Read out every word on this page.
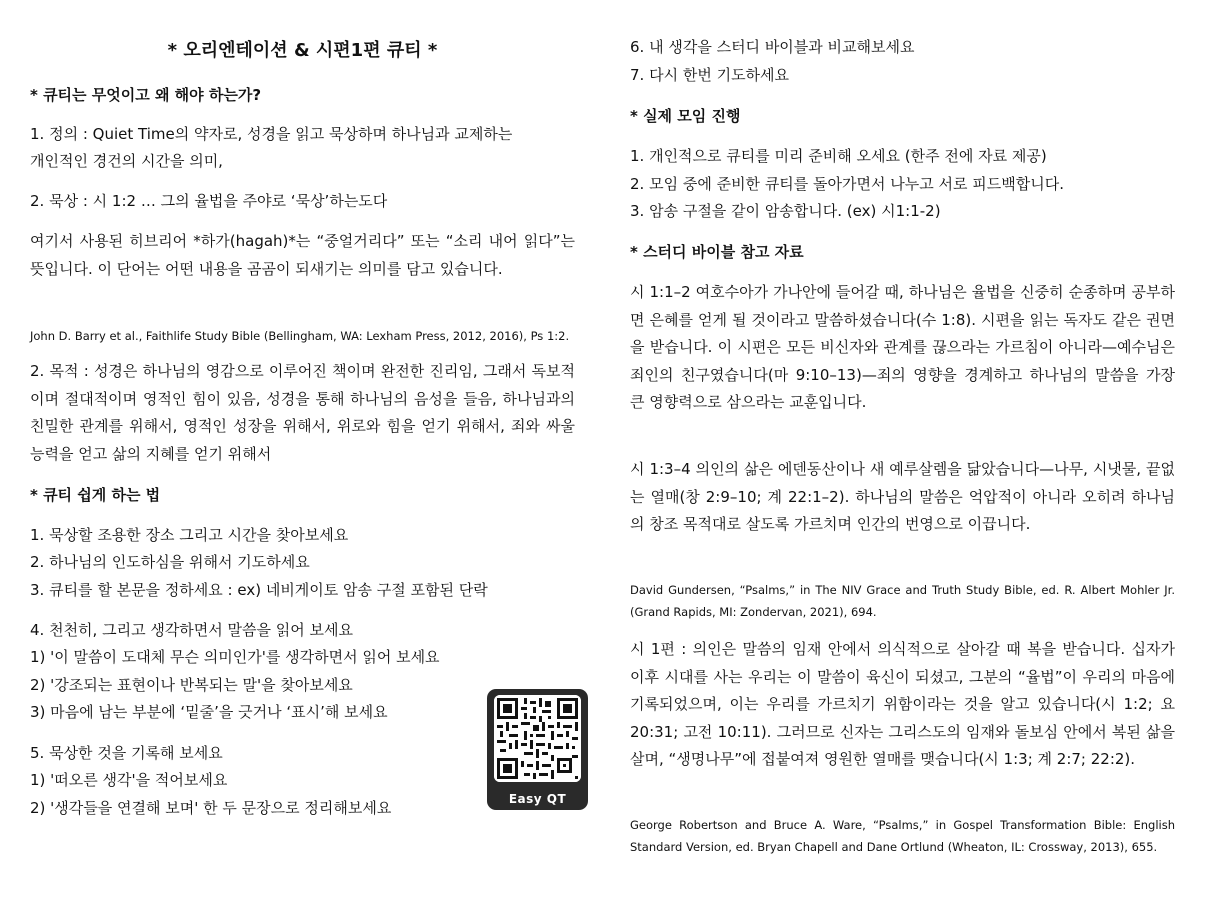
* 오리엔테이션 & 시편1편 큐티 *
* 큐티는 무엇이고 왜 해야 하는가?
1. 정의 : Quiet Time의 약자로, 성경을 읽고 묵상하며 하나님과 교제하는
개인적인 경건의 시간을 의미,
2. 묵상 : 시 1:2 … 그의 율법을 주야로 ‘묵상’하는도다
여기서 사용된 히브리어 *하가(hagah)*는 “중얼거리다” 또는 “소리 내어 읽다”는 뜻입니다. 이 단어는 어떤 내용을 곰곰이 되새기는 의미를 담고 있습니다.
John D. Barry et al., Faithlife Study Bible (Bellingham, WA: Lexham Press, 2012, 2016), Ps 1:2.
2. 목적 : 성경은 하나님의 영감으로 이루어진 책이며 완전한 진리임, 그래서 독보적이며 절대적이며 영적인 힘이 있음, 성경을 통해 하나님의 음성을 들음, 하나님과의 친밀한 관계를 위해서, 영적인 성장을 위해서, 위로와 힘을 얻기 위해서, 죄와 싸울 능력을 얻고 삶의 지혜를 얻기 위해서
* 큐티 쉽게 하는 법
1. 묵상할 조용한 장소 그리고 시간을 찾아보세요
2. 하나님의 인도하심을 위해서 기도하세요
3. 큐티를 할 본문을 정하세요 : ex) 네비게이토 암송 구절 포함된 단락
4. 천천히, 그리고 생각하면서 말씀을 읽어 보세요
1) '이 말씀이 도대체 무슨 의미인가'를 생각하면서 읽어 보세요
2) '강조되는 표현이나 반복되는 말'을 찾아보세요
3) 마음에 남는 부분에 ‘밑줄’을 긋거나 ‘표시’해 보세요
5. 묵상한 것을 기록해 보세요
1) '떠오른 생각'을 적어보세요
2) '생각들을 연결해 보며' 한 두 문장으로 정리해보세요	Easy QT
6. 내 생각을 스터디 바이블과 비교해보세요
7. 다시 한번 기도하세요
* 실제 모임 진행
1. 개인적으로 큐티를 미리 준비해 오세요 (한주 전에 자료 제공)
2. 모임 중에 준비한 큐티를 돌아가면서 나누고 서로 피드백합니다.
3. 암송 구절을 같이 암송합니다. (ex) 시1:1-2)
* 스터디 바이블 참고 자료
시 1:1–2 여호수아가 가나안에 들어갈 때, 하나님은 율법을 신중히 순종하며 공부하면 은혜를 얻게 될 것이라고 말씀하셨습니다(수 1:8). 시편을 읽는 독자도 같은 권면을 받습니다. 이 시편은 모든 비신자와 관계를 끊으라는 가르침이 아니라—예수님은 죄인의 친구였습니다(마 9:10–13)—죄의 영향을 경계하고 하나님의 말씀을 가장 큰 영향력으로 삼으라는 교훈입니다.
시 1:3–4 의인의 삶은 에덴동산이나 새 예루살렘을 닮았습니다—나무, 시냇물, 끝없는 열매(창 2:9–10; 계 22:1–2). 하나님의 말씀은 억압적이 아니라 오히려 하나님의 창조 목적대로 살도록 가르치며 인간의 번영으로 이끕니다.
David Gundersen, “Psalms,” in The NIV Grace and Truth Study Bible, ed. R. Albert Mohler Jr. (Grand Rapids, MI: Zondervan, 2021), 694.
시 1편 : 의인은 말씀의 임재 안에서 의식적으로 살아갈 때 복을 받습니다. 십자가 이후 시대를 사는 우리는 이 말씀이 육신이 되셨고, 그분의 “율법”이 우리의 마음에 기록되었으며, 이는 우리를 가르치기 위함이라는 것을 알고 있습니다(시 1:2; 요 20:31; 고전 10:11). 그러므로 신자는 그리스도의 임재와 돌보심 안에서 복된 삶을 살며, “생명나무”에 접붙여져 영원한 열매를 맺습니다(시 1:3; 계 2:7; 22:2).
George Robertson and Bruce A. Ware, “Psalms,” in Gospel Transformation Bible: English Standard Version, ed. Bryan Chapell and Dane Ortlund (Wheaton, IL: Crossway, 2013), 655.
